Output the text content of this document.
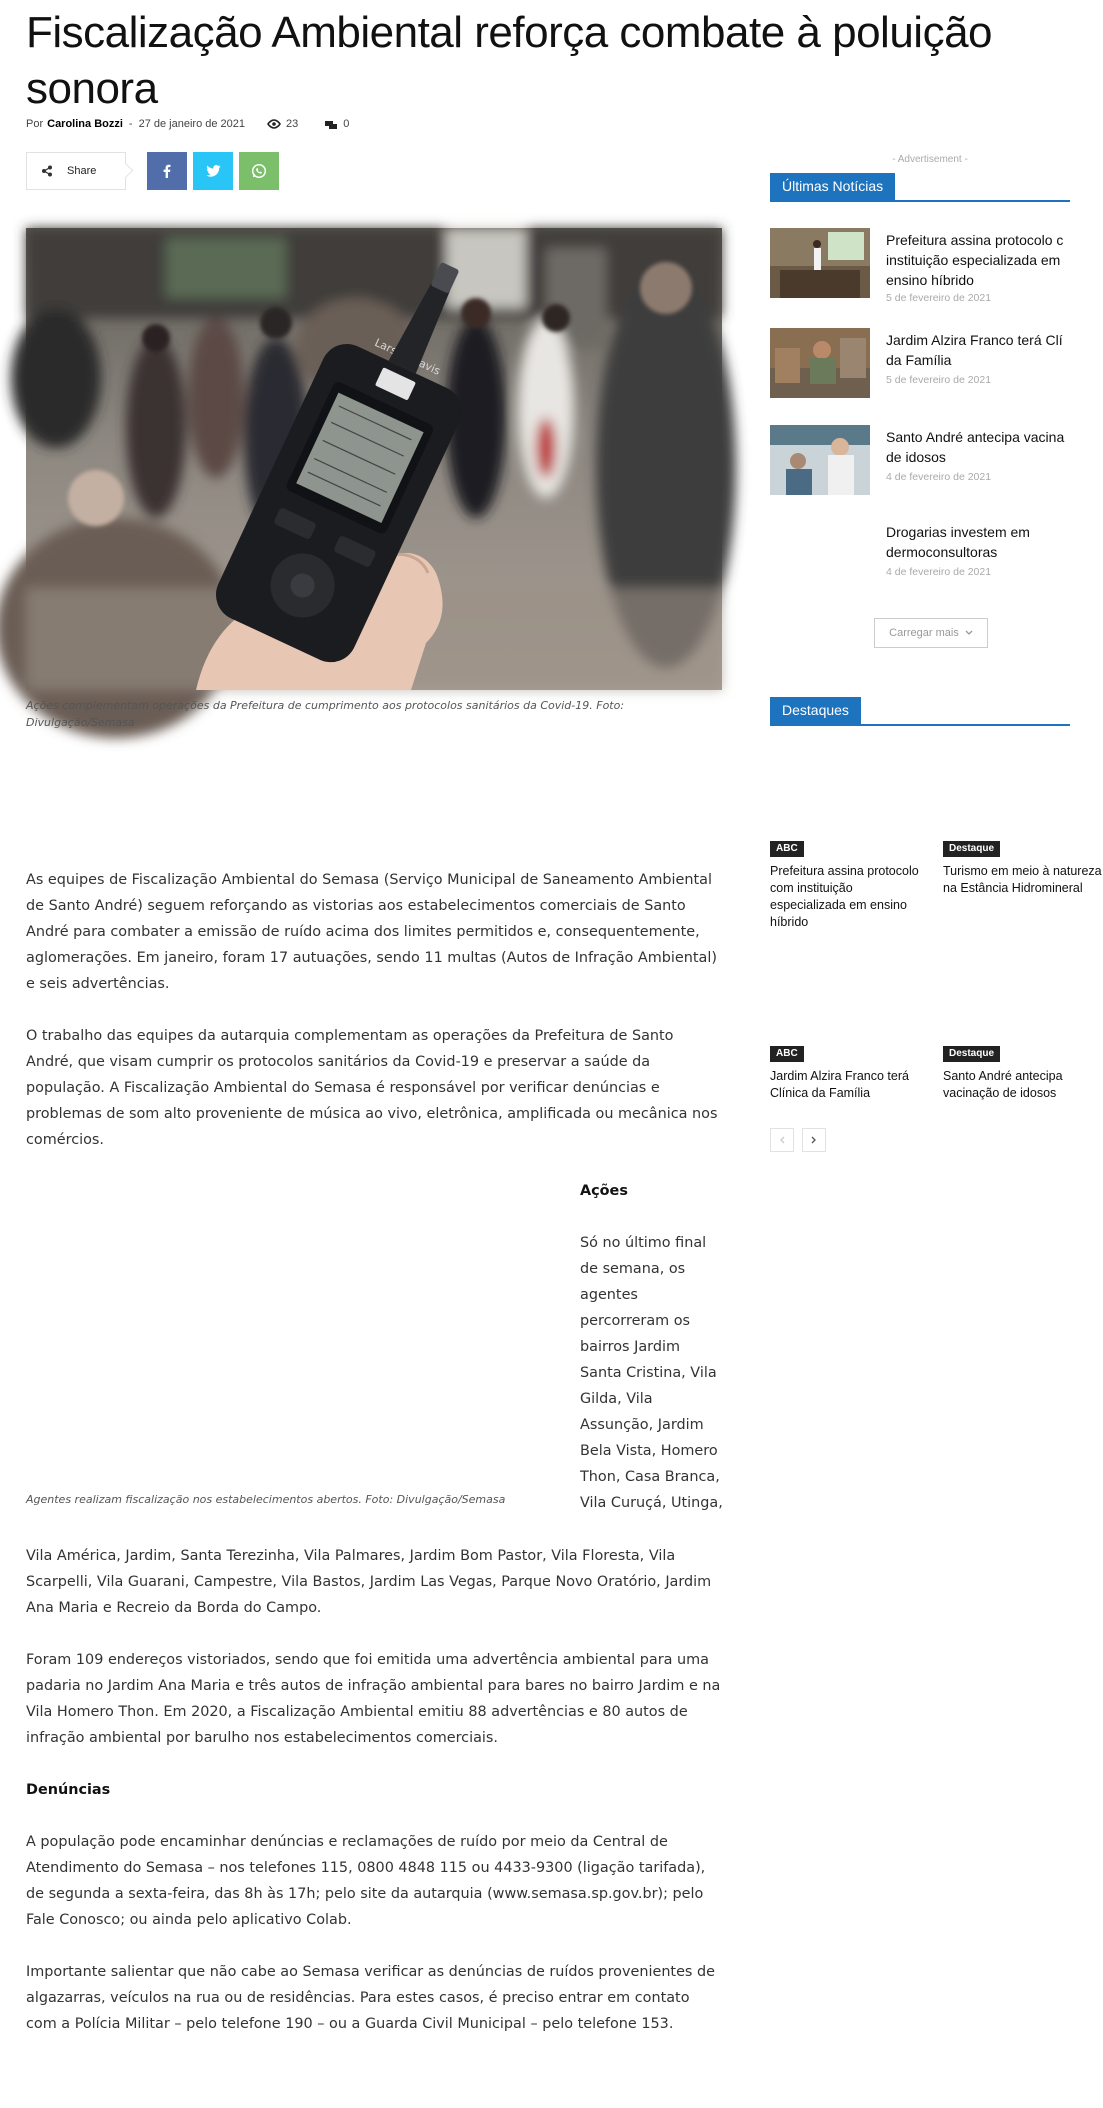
Fiscalização Ambiental reforça combate à poluição sonora
Por Carolina Bozzi - 27 de janeiro de 2021	23	0
Share
Larson Davis
Ações complementam operações da Prefeitura de cumprimento aos protocolos sanitários da Covid-19. Foto: Divulgação/Semasa

As equipes de Fiscalização Ambiental do Semasa (Serviço Municipal de Saneamento Ambiental de Santo André) seguem reforçando as vistorias aos estabelecimentos comerciais de Santo André para combater a emissão de ruído acima dos limites permitidos e, consequentemente, aglomerações. Em janeiro, foram 17 autuações, sendo 11 multas (Autos de Infração Ambiental) e seis advertências.

O trabalho das equipes da autarquia complementam as operações da Prefeitura de Santo André, que visam cumprir os protocolos sanitários da Covid-19 e preservar a saúde da população. A Fiscalização Ambiental do Semasa é responsável por verificar denúncias e problemas de som alto proveniente de música ao vivo, eletrônica, amplificada ou mecânica nos comércios.

Agentes realizam fiscalização nos estabelecimentos abertos. Foto: Divulgação/Semasa
Ações

Só no último final de semana, os agentes percorreram os bairros Jardim Santa Cristina, Vila Gilda, Vila Assunção, Jardim Bela Vista, Homero Thon, Casa Branca, Vila Curuçá, Utinga,

Vila América, Jardim, Santa Terezinha, Vila Palmares, Jardim Bom Pastor, Vila Floresta, Vila Scarpelli, Vila Guarani, Campestre, Vila Bastos, Jardim Las Vegas, Parque Novo Oratório, Jardim Ana Maria e Recreio da Borda do Campo.

Foram 109 endereços vistoriados, sendo que foi emitida uma advertência ambiental para uma padaria no Jardim Ana Maria e três autos de infração ambiental para bares no bairro Jardim e na Vila Homero Thon. Em 2020, a Fiscalização Ambiental emitiu 88 advertências e 80 autos de infração ambiental por barulho nos estabelecimentos comerciais.

Denúncias

A população pode encaminhar denúncias e reclamações de ruído por meio da Central de Atendimento do Semasa – nos telefones 115, 0800 4848 115 ou 4433-9300 (ligação tarifada), de segunda a sexta-feira, das 8h às 17h; pelo site da autarquia (www.semasa.sp.gov.br); pelo Fale Conosco; ou ainda pelo aplicativo Colab.

Importante salientar que não cabe ao Semasa verificar as denúncias de ruídos provenientes de algazarras, veículos na rua ou de residências. Para estes casos, é preciso entrar em contato com a Polícia Militar – pelo telefone 190 – ou a Guarda Civil Municipal – pelo telefone 153.

- Advertisement -
Últimas Notícias
Prefeitura assina protocolo c
instituição especializada em
ensino híbrido
5 de fevereiro de 2021
Jardim Alzira Franco terá Clí
da Família
5 de fevereiro de 2021
Santo André antecipa vacina
de idosos
4 de fevereiro de 2021
Drogarias investem em
dermoconsultoras
4 de fevereiro de 2021
Carregar mais
Destaques
ABC
Prefeitura assina protocolo com instituição especializada em ensino híbrido
Destaque
Turismo em meio à natureza na Estância Hidromineral
ABC
Jardim Alzira Franco terá Clínica da Família
Destaque
Santo André antecipa vacinação de idosos
